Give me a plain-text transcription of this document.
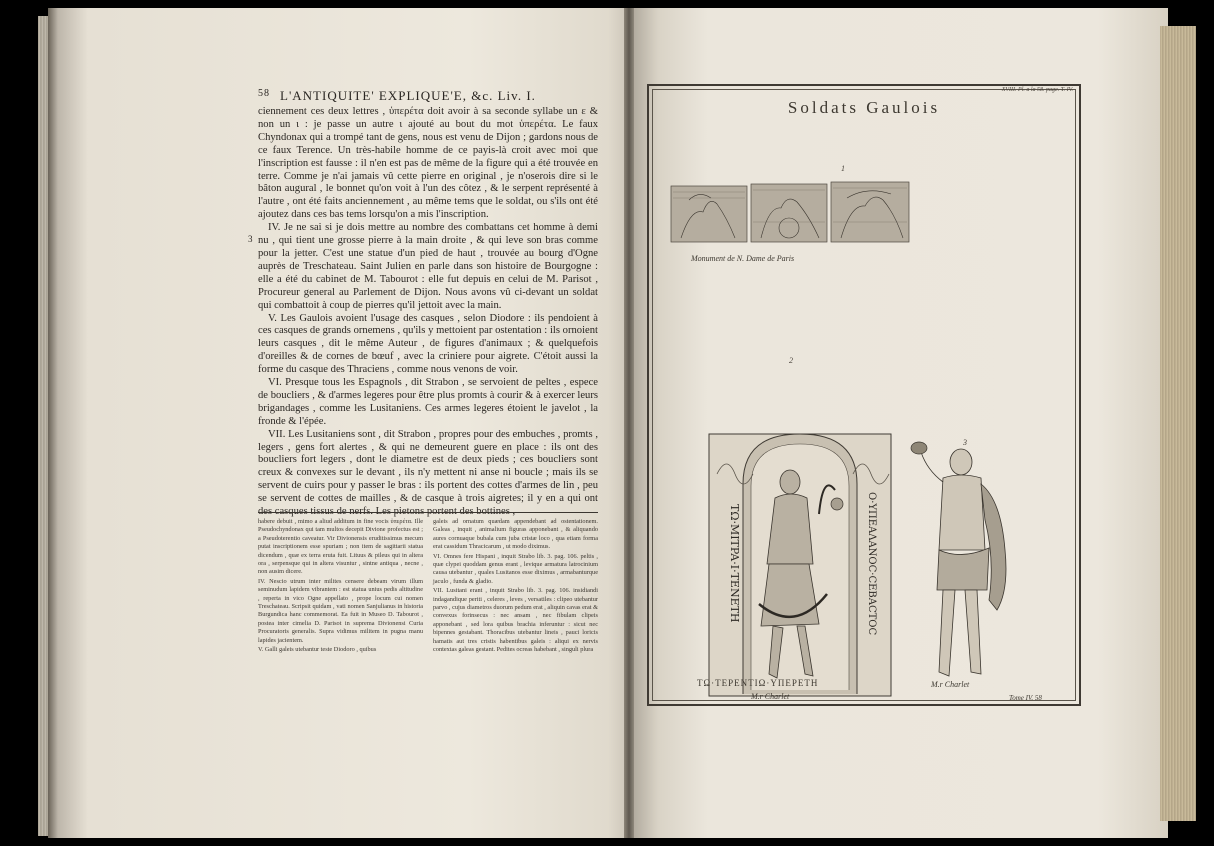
58 L'ANTIQUITE' EXPLIQUE'E, &c. Liv. I.

ciennement ces deux lettres , ὑπερέτα doit avoir à sa seconde syllabe un ε & non un ι : je passe un autre ι ajouté au bout du mot ὑπερέτα. Le faux Chyndonax qui a trompé tant de gens, nous est venu de Dijon ; gardons nous de ce faux Terence. Un très-habile homme de ce payis-là croit avec moi que l'inscription est fausse : il n'en est pas de même de la figure qui a été trouvée en terre. Comme je n'ai jamais vû cette pierre en original , je n'oserois dire si le bâton augural , le bonnet qu'on voit à l'un des côtez , & le serpent représenté à l'autre , ont été faits anciennement , au même tems que le soldat, ou s'ils ont été ajoutez dans ces bas tems lorsqu'on a mis l'inscription.

IV. Je ne sai si je dois mettre au nombre des combattans cet homme à demi nu , qui tient une grosse pierre à la main droite , & qui leve son bras comme pour la jetter. C'est une statue d'un pied de haut , trouvée au bourg d'Ogne auprès de Treschateau. Saint Julien en parle dans son histoire de Bourgogne : elle a été du cabinet de M. Tabourot : elle fut depuis en celui de M. Parisot , Procureur general au Parlement de Dijon. Nous avons vû ci-devant un soldat qui combattoit à coup de pierres qu'il jettoit avec la main.

V. Les Gaulois avoient l'usage des casques , selon Diodore : ils pendoient à ces casques de grands ornemens , qu'ils y mettoient par ostentation : ils ornoient leurs casques , dit le même Auteur , de figures d'animaux ; & quelquefois d'oreilles & de cornes de bœuf , avec la criniere pour aigrete. C'étoit aussi la forme du casque des Thraciens , comme nous venons de voir.

VI. Presque tous les Espagnols , dit Strabon , se servoient de peltes , espece de boucliers , & d'armes legeres pour être plus promts à courir & à exercer leurs brigandages , comme les Lusitaniens. Ces armes legeres étoient le javelot , la fronde & l'épée.

VII. Les Lusitaniens sont , dit Strabon , propres pour des embuches , promts , legers , gens fort alertes , & qui ne demeurent guere en place : ils ont des boucliers fort legers , dont le diametre est de deux pieds ; ces boucliers sont creux & convexes sur le devant , ils n'y mettent ni anse ni boucle ; mais ils se servent de cuirs pour y passer le bras : ils portent des cottes d'armes de lin , peu se servent de cottes de mailles , & de casque à trois aigretes; il y en a qui ont

3

habere debuit , mimo a aliud additum in fine vocis ὑπερέτα. Ille Pseudochyndonax qui tam multos decepit Divione profectus est ; a Pseudoterentio caveatur. Vir Divionensis eruditissimus mecum putat inscriptionem esse spuriam ; non item de sagittarii statua dicendum , quæ ex terra eruta fuit. Lituus & pileus qui in altera ora , serpensque qui in altera visuntur , sintne antiqua , necne , non ausim dicere.

IV. Nescio utrum inter milites censere debeam virum illum seminudum lapidem vibrantem : est statua unius pedis altitudine , reperta in vico Ogne appellato , prope locum cui nomen Treschateau. Scripsit quidam , vati nomen Sanjulianus in historia Burgundica hanc commemorat. Ea fuit in Museo D. Tabourot , postea inter cimelia D. Parisot in suprema Divionensi Curia Procuratoris generalis. Supra vidimus militem in pugna manu lapides jacientem.

V. Galli galeis utebantur teste Diodoro , quibus

galeis ad ornatum quædam appendebant ad ostentationem. Galeas , inquit , animalium figuras apponebant , & aliquando aures cornuaque bubala cum juba cristæ loco , qua etiam forma erat cassidum Thracicarum , ut modo diximus.

VI. Omnes fere Hispani , inquit Strabo lib. 3. pag. 106. peltis , quæ clypei quoddam genus erant , levique armatura latrocinium causa utebantur , quales Lusitanos esse diximus , armabanturque jaculo , funda & gladio.

VII. Lusitani erant , inquit Strabo lib. 3. pag. 106. insidiandi indagandique periti , celeres , leves , versatiles : clipeo utebantur parvo , cujus diametros duorum pedum erat , aliquin cavas erat & convexus forinsecus : nec ansam , nec fibulam clipeis apponebant , sed lora quibus brachia inferuntur : sicut nec bipennes gestabant. Thoracibus utebantur lineis , pauci loricis hamatis aut tres cristis habentibus galeis : aliqui ex nervis contextas galeas gestant. Pedites ocreas habebant , singuli plura

XVIII. Pl. a la 58. page. T. IV.
Soldats Gaulois
1
Monument de N. Dame de Paris
2
3
TΩ·MITPA·I·TENETH	O·ΥΠΕΑΛΑΝΟC·CEBACTOC
TΩ·TEPENTIΩ·ΥΠΕΡΕΤΗ
M.r Charlet
M.r Charlet
Tome IV. 58
